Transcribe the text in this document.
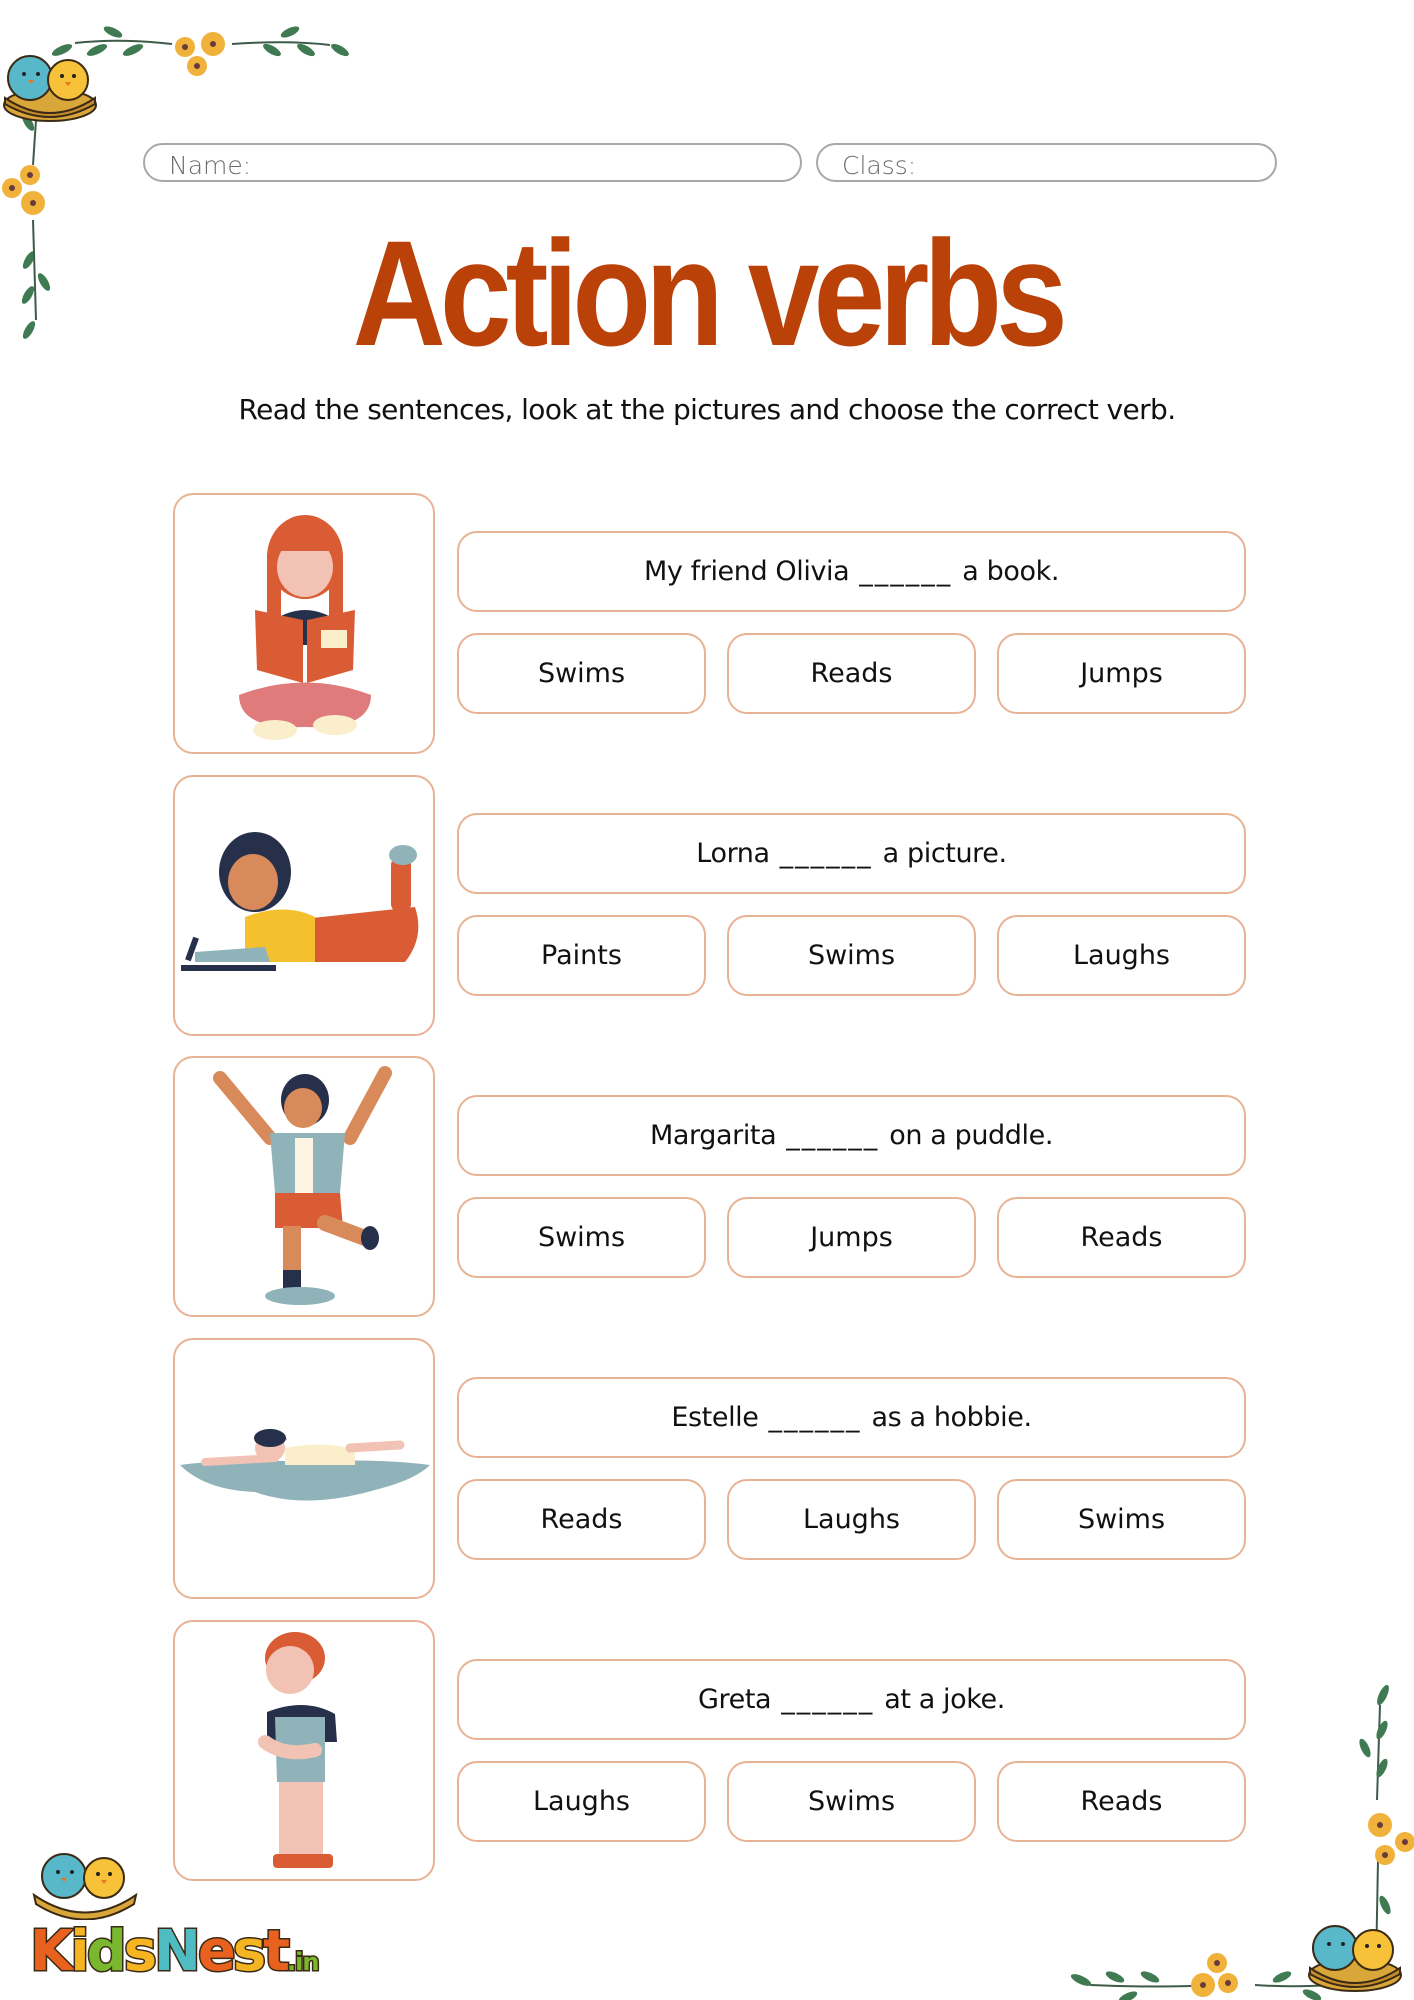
Name:	Class:
Action verbs
Read the sentences, look at the pictures and choose the correct verb.
My friend Olivia ______ a book.
Swims	Reads	Jumps
Lorna ______ a picture.
Paints	Swims	Laughs
Margarita ______ on a puddle.
Swims	Jumps	Reads
Estelle ______ as a hobbie.
Reads	Laughs	Swims
Greta ______ at a joke.
Laughs	Swims	Reads
KidsNest.in
